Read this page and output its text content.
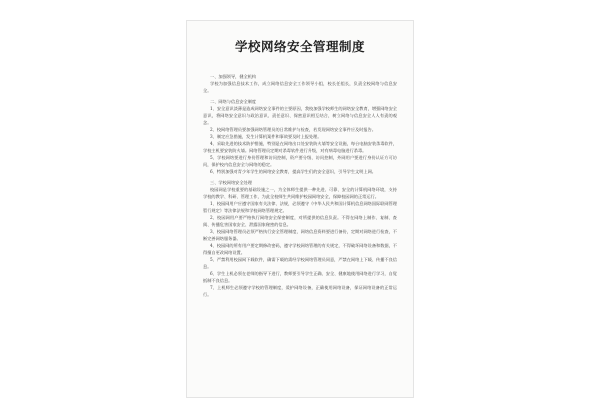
学校网络安全管理制度

一、加强领导，健全机构

学校为加强信息技术工作，成立网络信息安全工作领导小组，校长任组长，负责全校网络与信息安全。

二、网络与信息安全制度

1、安全意识淡薄是造成网络安全事件的主要原因，我校加强学校师生的网络安全教育，增强网络安全意识，将网络安全意识与政治意识、责任意识、保密意识相互结合，树立网络与信息安全人人有责的观念。

2、校网络管理员要加强网络管理员的日常维护与检查，若发现网络安全事件应及时报告。

3、制定应急措施，发生计算机案件和事故要及时上报处理。

4、采取先进的技术防护措施，特别是在网络出口处安装防火墙等安全设施，每台电脑安装杀毒软件，学校主机要安装防火墙。网络管理员定期对杀毒软件进行升级，对有病毒电脑进行杀毒。

5、学校网络要进行身份管理和访问控制，资产要分级、访问控制，外网用户要进行身份认证方可访问，保护校内信息安全与网络的稳定。

6、特别加强对青少年学生的网络安全教育，提高学生们的安全意识，引导学生文明上网。

三、学校网络安全处理

校园网是学校重要的基础设施之一，为全体师生提供一种先进、可靠、安全的计算机网络环境，支持学校的教学、科研、管理工作，为此全校师生共同维护校园网络安全，保障校园网的正常运行。

1、校园网用户应遵守国家有关法律、法规，必须遵守《中华人民共和国计算机信息网络国际联网管理暂行规定》等法律法规和学校网络管理规定。

2、校园网用户要严格执行网络安全保密制度，对所提供的信息负责。不得在网络上制作、复制、查阅、传播危害国家安全、泄露国家秘密的信息。

3、校园网络管理员必须严格执行安全管理制度，网络信息资料要进行备份，定期对网络进行检查，不断完善网络服务器。

4、校园网的所有用户要定期修改密码，遵守学校网络管理的有关规定，不得破坏网络设备和数据，不得擅自更改网络设置。

5、严禁利用校园网下载软件，确需下载的需经学校网络管理员同意，严禁在网络上下载、传播不良信息。

6、学生上机必须在老师的指导下进行，教师要引导学生正确、安全、健康地使用网络进行学习，自觉抵制不良信息。

7、上机师生必须遵守学校的管理制度，爱护网络设备，正确使用网络设备，保证网络设备的正常运行。
